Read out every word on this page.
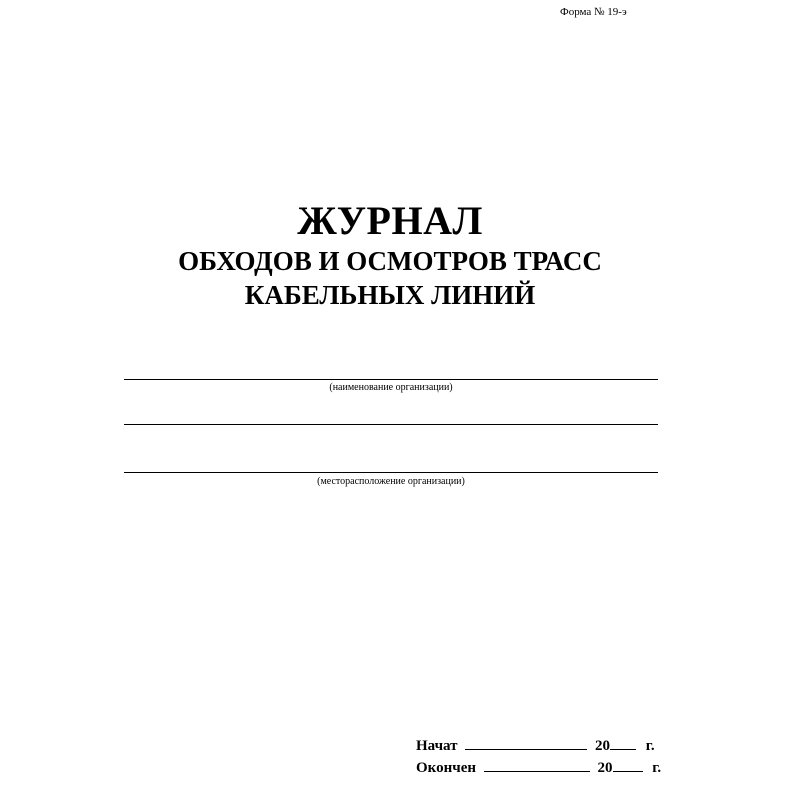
Форма № 19-э
ЖУРНАЛ
ОБХОДОВ И ОСМОТРОВ ТРАСС
КАБЕЛЬНЫХ ЛИНИЙ
(наименование организации)
(месторасположение организации)
Начат	20 г.
Окончен	20	г.
